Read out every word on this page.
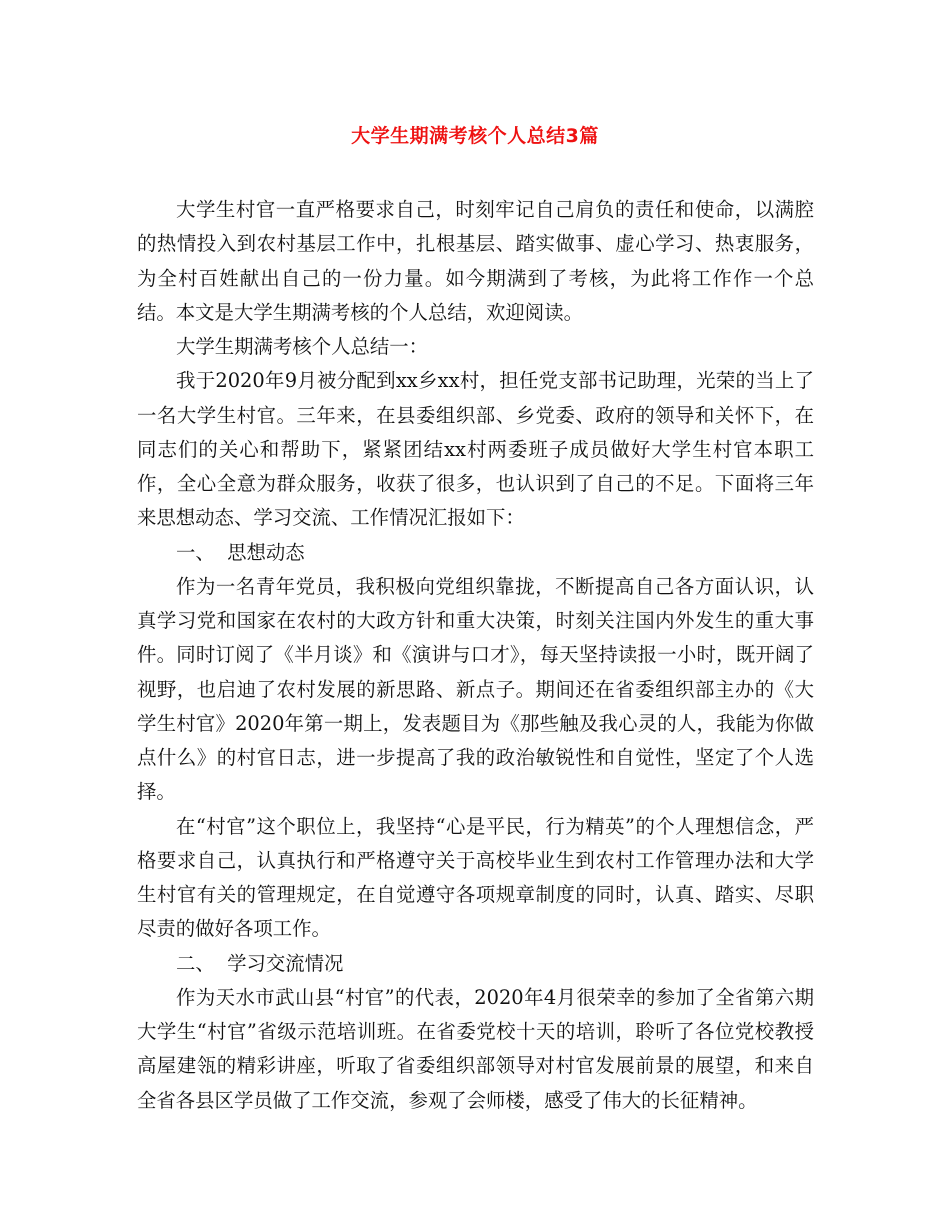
大学生期满考核个人总结3篇

大学生村官一直严格要求自己，时刻牢记自己肩负的责任和使命，以满腔的热情投入到农村基层工作中，扎根基层、踏实做事、虚心学习、热衷服务，为全村百姓献出自己的一份力量。如今期满到了考核，为此将工作作一个总结。本文是大学生期满考核的个人总结，欢迎阅读。

大学生期满考核个人总结一：

我于2020年9月被分配到xx乡xx村，担任党支部书记助理，光荣的当上了一名大学生村官。三年来，在县委组织部、乡党委、政府的领导和关怀下，在同志们的关心和帮助下，紧紧团结xx村两委班子成员做好大学生村官本职工作，全心全意为群众服务，收获了很多，也认识到了自己的不足。下面将三年来思想动态、学习交流、工作情况汇报如下：

一、  思想动态

作为一名青年党员，我积极向党组织靠拢，不断提高自己各方面认识，认真学习党和国家在农村的大政方针和重大决策，时刻关注国内外发生的重大事件。同时订阅了《半月谈》和《演讲与口才》，每天坚持读报一小时，既开阔了视野，也启迪了农村发展的新思路、新点子。期间还在省委组织部主办的《大学生村官》2020年第一期上，发表题目为《那些触及我心灵的人，我能为你做点什么》的村官日志，进一步提高了我的政治敏锐性和自觉性，坚定了个人选择。

在“村官”这个职位上，我坚持“心是平民，行为精英”的个人理想信念，严格要求自己，认真执行和严格遵守关于高校毕业生到农村工作管理办法和大学生村官有关的管理规定，在自觉遵守各项规章制度的同时，认真、踏实、尽职尽责的做好各项工作。

二、  学习交流情况

作为天水市武山县“村官”的代表，2020年4月很荣幸的参加了全省第六期大学生“村官”省级示范培训班。在省委党校十天的培训，聆听了各位党校教授高屋建瓴的精彩讲座，听取了省委组织部领导对村官发展前景的展望，和来自全省各县区学员做了工作交流，参观了会师楼，感受了伟大的长征精神。
